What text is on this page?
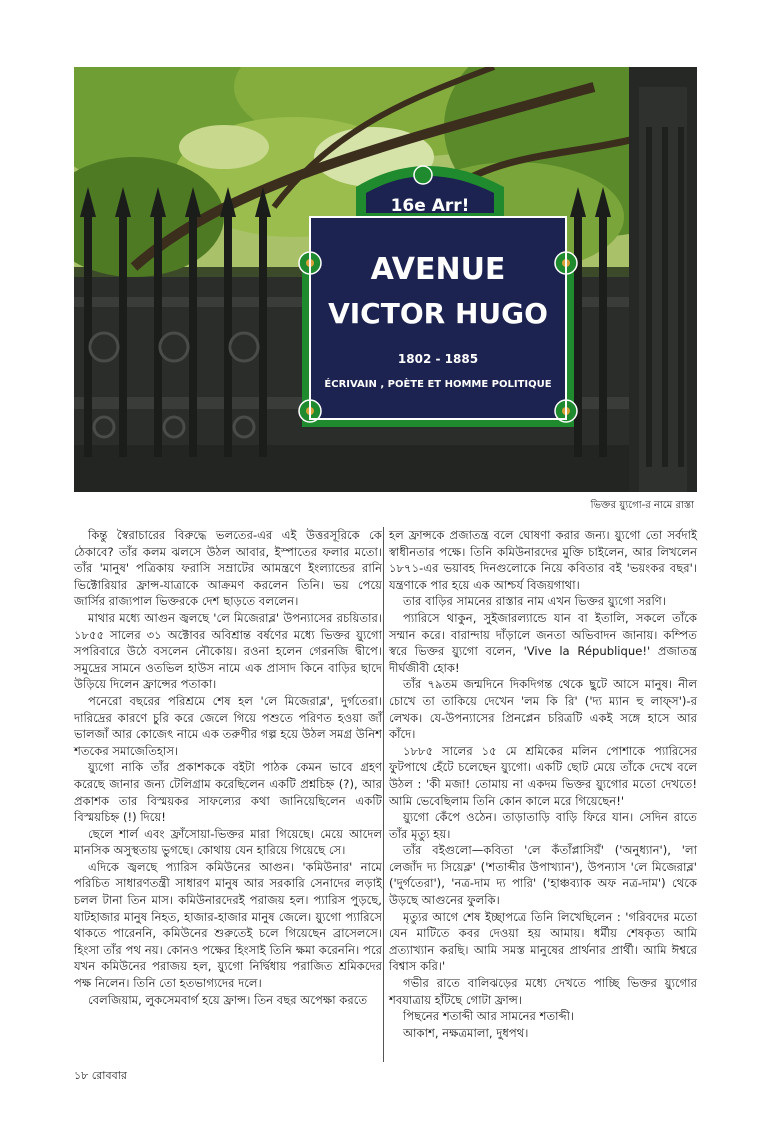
16e Arr!
AVENUE
VICTOR HUGO
1802 - 1885
ÉCRIVAIN , POÈTE ET HOMME POLITIQUE
ভিক্তর য়্যুগো-র নামে রাস্তা

কিন্তু স্বৈরাচারের বিরুদ্ধে ভলতের-এর এই উত্তরসূরিকে কে ঠেকাবে? তাঁর কলম ঝলসে উঠল আবার, ইস্পাতের ফলার মতো। তাঁর 'মানুষ' পত্রিকায় ফরাসি সম্রাটের আমন্ত্রণে ইংল্যান্ডের রানি ভিক্টোরিয়ার ফ্রান্স-যাত্রাকে আক্রমণ করলেন তিনি। ভয় পেয়ে জার্সির রাজ্যপাল ভিক্তরকে দেশ ছাড়তে বললেন।

মাথার মধ্যে আগুন জ্বলছে 'লে মিজেরাব্ল' উপন্যাসের রচয়িতার। ১৮৫৫ সালের ৩১ অক্টোবর অবিশ্রান্ত বর্ষণের মধ্যে ভিক্তর য়্যুগো সপরিবারে উঠে বসলেন নৌকোয়। রওনা হলেন গেরনজি দ্বীপে। সমুদ্রের সামনে ওতভিল হাউস নামে এক প্রাসাদ কিনে বাড়ির ছাদে উড়িয়ে দিলেন ফ্রান্সের পতাকা।

পনেরো বছরের পরিশ্রমে শেষ হল 'লে মিজেরাব্ল', দুর্গতেরা। দারিদ্রের কারণে চুরি করে জেলে গিয়ে পশুতে পরিণত হওয়া জাঁ ভালজাঁ আর কোজেৎ নামে এক তরুণীর গল্প হয়ে উঠল সমগ্র উনিশ শতকের সমাজেতিহাস।

য়্যুগো নাকি তাঁর প্রকাশককে বইটা পাঠক কেমন ভাবে গ্রহণ করেছে জানার জন্য টেলিগ্রাম করেছিলেন একটি প্রশ্নচিহ্ন (?), আর প্রকাশক তার বিস্ময়কর সাফল্যের কথা জানিয়েছিলেন একটি বিস্ময়চিহ্ন (!) দিয়ে!

ছেলে শার্ল এবং ফ্রাঁসোয়া-ভিক্তর মারা গিয়েছে। মেয়ে আদেল মানসিক অসুস্থতায় ভুগছে। কোথায় যেন হারিয়ে গিয়েছে সে।

এদিকে জ্বলছে প্যারিস কমিউনের আগুন। 'কমিউনার' নামে পরিচিত সাধারণতন্ত্রী সাধারণ মানুষ আর সরকারি সেনাদের লড়াই চলল টানা তিন মাস। কমিউনারদেরই পরাজয় হল। প্যারিস পুড়ছে, যাটহাজার মানুষ নিহত, হাজার-হাজার মানুষ জেলে। য়্যুগো প্যারিসে থাকতে পারেননি, কমিউনের শুরুতেই চলে গিয়েছেন ব্রাসেলসে। হিংসা তাঁর পথ নয়। কোনও পক্ষের হিংসাই তিনি ক্ষমা করেননি। পরে যখন কমিউনের পরাজয় হল, য়্যুগো নির্দ্বিধায় পরাজিত শ্রমিকদের পক্ষ নিলেন। তিনি তো হতভাগ্যদের দলে।

বেলজিয়াম, লুকসেমবার্গ হয়ে ফ্রান্স। তিন বছর অপেক্ষা করতে

হল ফ্রান্সকে প্রজাতন্ত্র বলে ঘোষণা করার জন্য। য়্যুগো তো সর্বদাই স্বাধীনতার পক্ষে। তিনি কমিউনারদের মুক্তি চাইলেন, আর লিখলেন ১৮৭১-এর ভয়াবহ দিনগুলোকে নিয়ে কবিতার বই 'ভয়ংকর বছর'। যন্ত্রণাকে পার হয়ে এক আশ্চর্য বিজয়গাথা।

তার বাড়ির সামনের রাস্তার নাম এখন ভিক্তর য়্যুগো সরণি।

প্যারিসে থাকুন, সুইজারল্যান্ডে যান বা ইতালি, সকলে তাঁকে সম্মান করে। বারান্দায় দাঁড়ালে জনতা অভিবাদন জানায়। কম্পিত স্বরে ভিক্তর য়্যুগো বলেন, 'Vive la République!' প্রজাতন্ত্র দীর্ঘজীবী হোক!

তাঁর ৭৯তম জন্মদিনে দিকদিগন্ত থেকে ছুটে আসে মানুষ। নীল চোখে তা তাকিয়ে দেখেন 'লম কি রি' ('দ্য ম্যান হু লাফ্স')-র লেখক। যে-উপন্যাসের প্রিনপ্লেন চরিত্রটি একই সঙ্গে হাসে আর কাঁদে।

১৮৮৫ সালের ১৫ মে শ্রমিকের মলিন পোশাকে প্যারিসের ফুটপাথে হেঁটে চলেছেন য়্যুগো। একটি ছোট মেয়ে তাঁকে দেখে বলে উঠল : 'কী মজা! তোমায় না একদম ভিক্তর য়্যুগোর মতো দেখতে! আমি ভেবেছিলাম তিনি কোন কালে মরে গিয়েছেন!'

য়্যুগো কেঁপে ওঠেন। তাড়াতাড়ি বাড়ি ফিরে যান। সেদিন রাতে তাঁর মৃত্যু হয়।

তাঁর বইগুলো—কবিতা 'লে কঁতাঁপ্লাসিয়ঁ' ('অনুধ্যান'), 'লা লেজাঁদ দ্য সিয়েক্ল' ('শতাব্দীর উপাখ্যান'), উপন্যাস 'লে মিজেরাব্ল' ('দুর্গতেরা'), 'নত্র-দাম দ্য পারি' ('হাঞ্চব্যাক অফ নত্র-দাম') থেকে উড়ছে আগুনের ফুলকি।

মৃত্যুর আগে শেষ ইচ্ছাপত্রে তিনি লিখেছিলেন : 'গরিবদের মতো যেন মাটিতে কবর দেওয়া হয় আমায়। ধর্মীয় শেষকৃত্য আমি প্রত্যাখ্যান করছি। আমি সমস্ত মানুষের প্রার্থনার প্রার্থী। আমি ঈশ্বরে বিশ্বাস করি।'

গভীর রাতে বালিঝড়ের মধ্যে দেখতে পাচ্ছি ভিক্তর য়্যুগোর শবযাত্রায় হাঁটছে গোটা ফ্রান্স।

পিছনের শতাব্দী আর সামনের শতাব্দী।

আকাশ, নক্ষত্রমালা, দুধপথ।

১৮ রোববার
